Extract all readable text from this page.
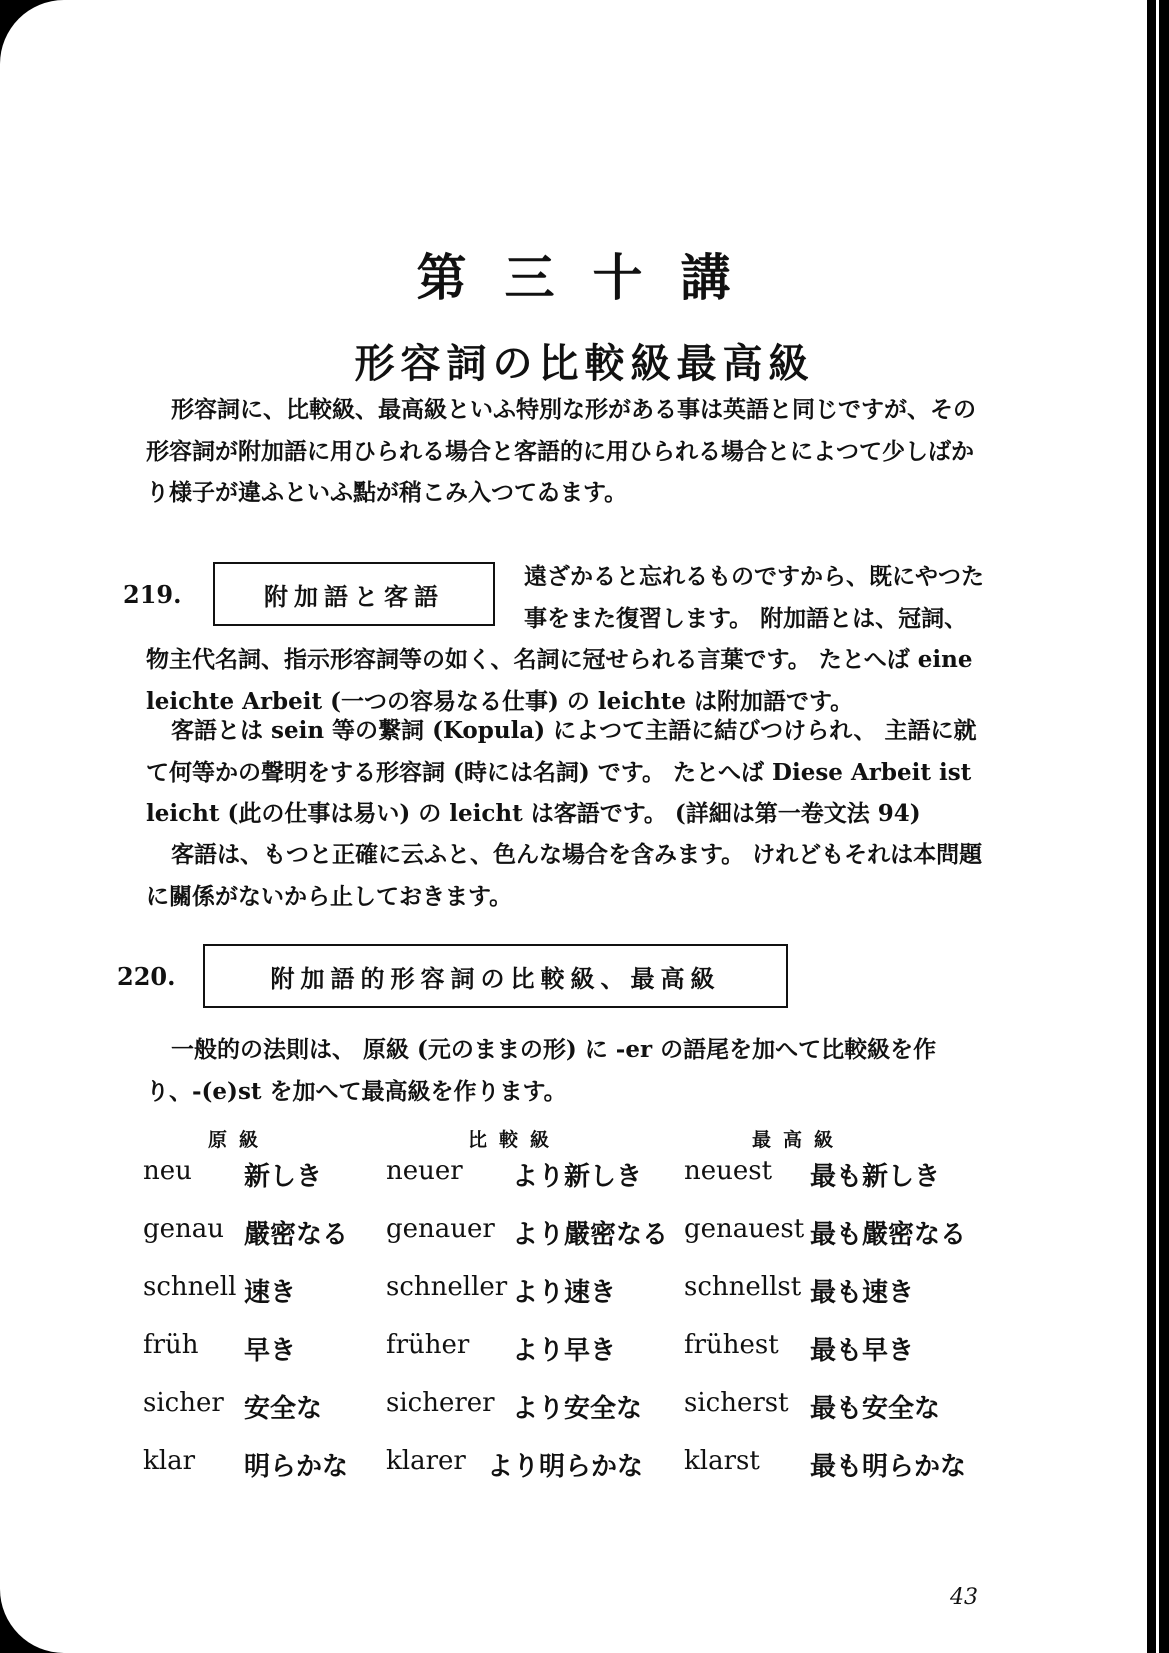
第三十講
形容詞の比較級最高級

形容詞に、比較級、最高級といふ特別な形がある事は英語と同じですが、その形容詞が附加語に用ひられる場合と客語的に用ひられる場合とによつて少しばかり様子が違ふといふ點が稍こみ入つてゐます。

219.	附加語と客語
遠ざかると忘れるものですから、既にやつた事をまた復習します。 附加語とは、冠詞、物主代名詞、指示形容詞等の如く、名詞に冠せられる言葉です。 たとへば eine leichte Arbeit (一つの容易なる仕事) の leichte は附加語です。

客語とは sein 等の繋詞 (Kopula) によつて主語に結びつけられ、 主語に就て何等かの聲明をする形容詞 (時には名詞) です。 たとへば Diese Arbeit ist leicht (此の仕事は易い) の leicht は客語です。 (詳細は第一卷文法 94)

客語は、もつと正確に云ふと、色んな場合を含みます。 けれどもそれは本問題に關係がないから止しておきます。

220.	附加語的形容詞の比較級、最高級

一般的の法則は、 原級 (元のままの形) に -er の語尾を加へて比較級を作り、-(e)st を加へて最高級を作ります。

原級	比較級	最高級
neu 新しき neuer より新しき neuest 最も新しき
genau 嚴密なる genauer より嚴密なる genauest 最も嚴密なる
schnell 速き	schneller より速き	schnellst 最も速き
früh 早き	früher より早き	frühest 最も早き
sicher 安全な sicherer より安全な sicherst 最も安全な
klar 明らかな klarer より明らかな klarst 最も明らかな
43
